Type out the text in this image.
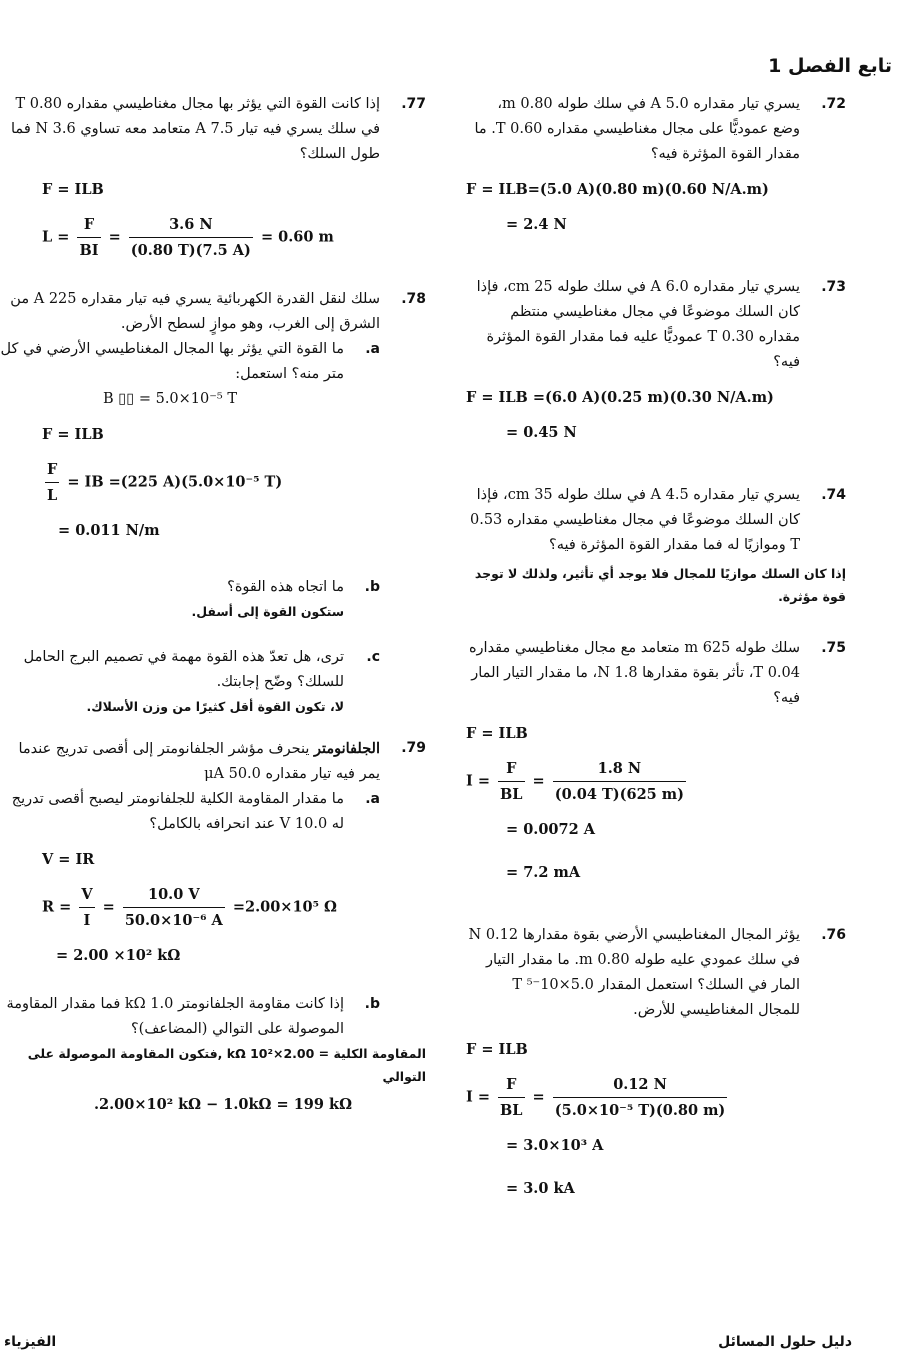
تابع الفصل 1
72.
يسري تيار مقداره 5.0 A في سلك طوله 0.80 m، وضع عموديًّا على مجال مغناطيسي مقداره 0.60 T. ما مقدار القوة المؤثرة فيه؟
F = ILB=(5.0 A)(0.80 m)(0.60 N/A.m)
= 2.4 N
73.
يسري تيار مقداره 6.0 A في سلك طوله 25 cm، فإذا كان السلك موضوعًا في مجال مغناطيسي منتظم مقداره 0.30 T عموديًّا عليه فما مقدار القوة المؤثرة فيه؟
F = ILB =(6.0 A)(0.25 m)(0.30 N/A.m)
= 0.45 N
74.
يسري تيار مقداره 4.5 A في سلك طوله 35 cm، فإذا كان السلك موضوعًا في مجال مغناطيسي مقداره 0.53 T وموازيًا له فما مقدار القوة المؤثرة فيه؟
إذا كان السلك موازيًا للمجال فلا يوجد أي تأثير، ولذلك لا توجد قوة مؤثرة.
75.
سلك طوله 625 m متعامد مع مجال مغناطيسي مقداره 0.04 T، تأثر بقوة مقدارها 1.8 N، ما مقدار التيار المار فيه؟
F = ILB
$I = \frac{F}{BL} = \frac{1.8 N}{(0.04 T)(625 m)}$
= 0.0072 A
= 7.2 mA
76.
يؤثر المجال المغناطيسي الأرضي بقوة مقدارها 0.12 N في سلك عمودي عليه طوله 0.80 m. ما مقدار التيار المار في السلك؟ استعمل المقدار 5.0×10⁻⁵ T للمجال المغناطيسي للأرض.
F = ILB
$I = \frac{F}{BL} = \frac{0.12 N}{\text{(5.0×10⁻⁵ T)(0.80 m)}}$
= 3.0×10³ A
= 3.0 kA
77.
إذا كانت القوة التي يؤثر بها مجال مغناطيسي مقداره 0.80 T في سلك يسري فيه تيار 7.5 A متعامد معه تساوي 3.6 N فما طول السلك؟
F = ILB
$L = \frac{F}{BI} = \frac{3.6 N}{(0.80 T)(7.5 A)} = 0.60$ m
78.
سلك لنقل القدرة الكهربائية يسري فيه تيار مقداره 225 A من الشرق إلى الغرب، وهو موازٍ لسطح الأرض.
a.
ما القوة التي يؤثر بها المجال المغناطيسي الأرضي في كل متر منه؟ استعمل:
B ▯▯ = 5.0×10⁻⁵ T
F = ILB
$\frac{F}{L}$ = IB =(225 A)(5.0×10⁻⁵ T)
= 0.011 N/m
b.
ما اتجاه هذه القوة؟
ستكون القوة إلى أسفل.
c.
ترى، هل تعدّ هذه القوة مهمة في تصميم البرج الحامل للسلك؟ وضّح إجابتك.
لا، تكون القوة أقل كثيرًا من وزن الأسلاك.
79.
الجلفانومتر ينحرف مؤشر الجلفانومتر إلى أقصى تدريج عندما يمر فيه تيار مقداره 50.0 μA
a.
ما مقدار المقاومة الكلية للجلفانومتر ليصبح أقصى تدريج له 10.0 V عند انحرافه بالكامل؟
V = IR
$R = \frac{V}{I} = \frac{10.0 V}{\text{50.0×10⁻⁶ A}} =2.00\times 10^5$ Ω
= 2.00 ×10² kΩ
b.
إذا كانت مقاومة الجلفانومتر 1.0 kΩ فما مقدار المقاومة الموصولة على التوالي (المضاعف)؟
المقاومة الكلية = 2.00×10² kΩ ,فتكون المقاومة الموصولة على التوالي
.2.00×10² kΩ − 1.0kΩ = 199 kΩ
دليل حلول المسائل
الفيزياء
